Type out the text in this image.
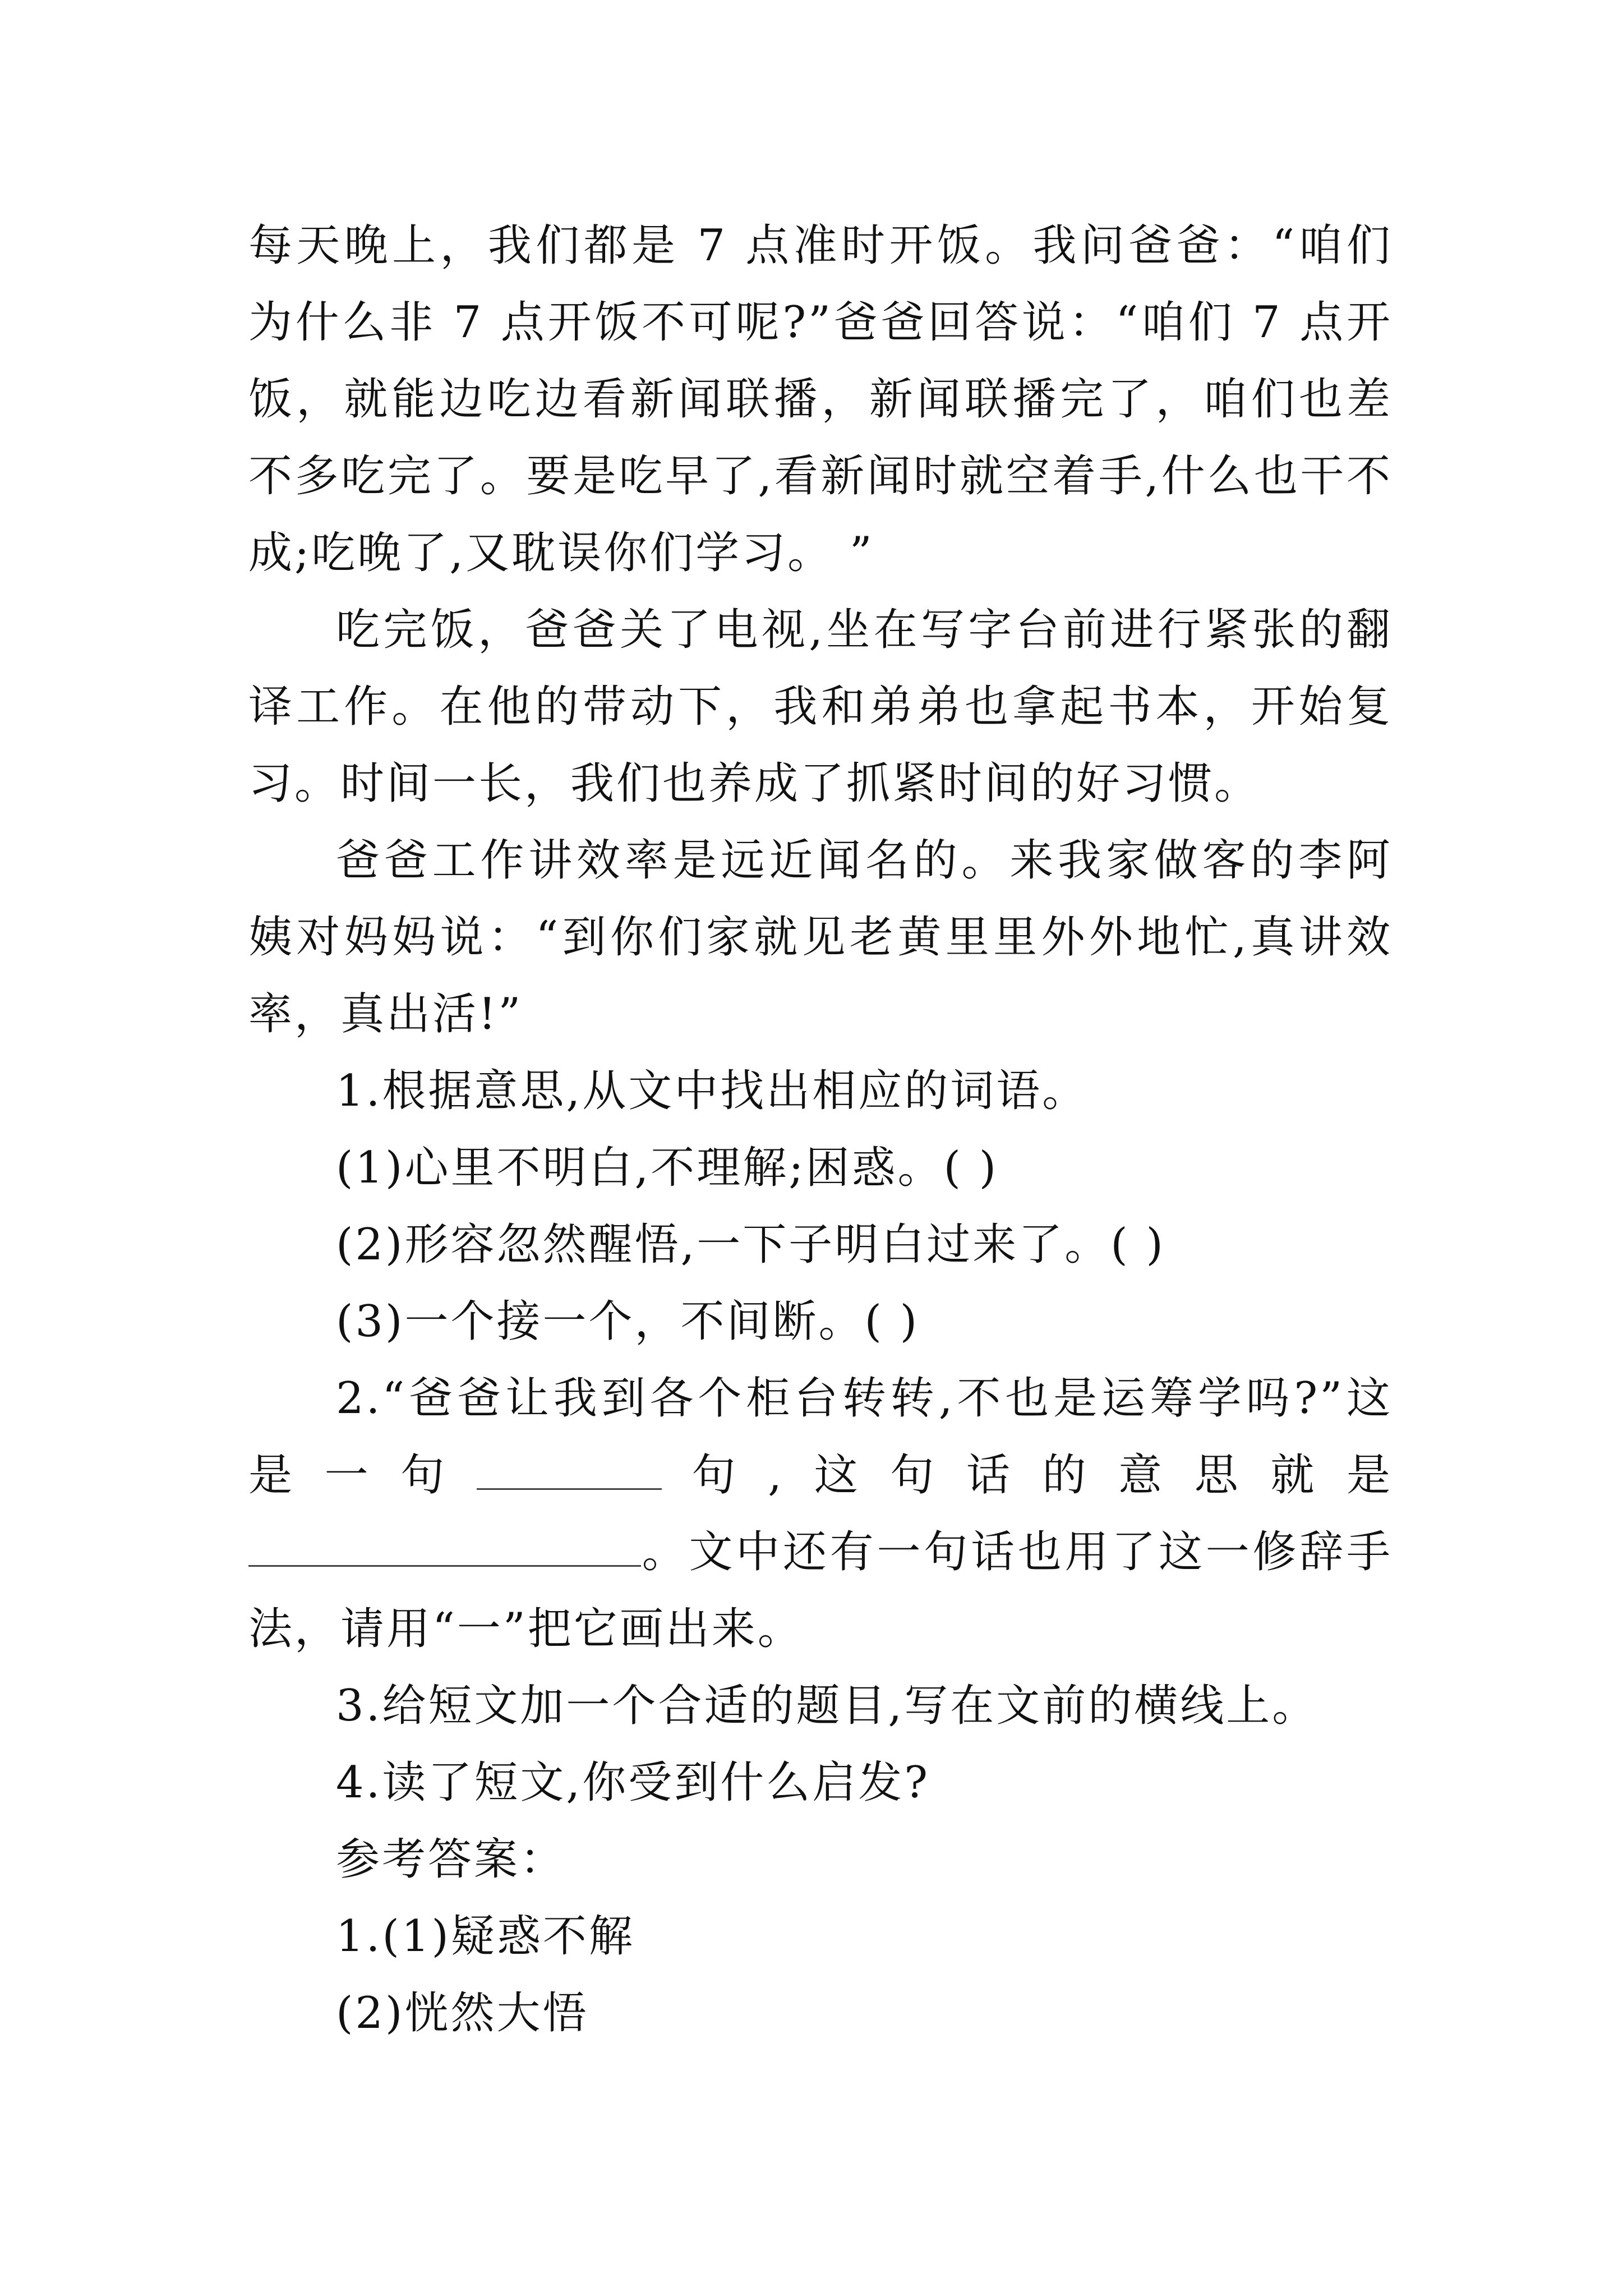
每天晚上，我们都是 7 点准时开饭。我问爸爸：“咱们为什么非 7 点开饭不可呢?”爸爸回答说：“咱们 7 点开饭，就能边吃边看新闻联播，新闻联播完了，咱们也差不多吃完了。要是吃早了,看新闻时就空着手,什么也干不成;吃晚了,又耽误你们学习。 ”

吃完饭，爸爸关了电视,坐在写字台前进行紧张的翻译工作。在他的带动下，我和弟弟也拿起书本，开始复习。时间一长，我们也养成了抓紧时间的好习惯。

爸爸工作讲效率是远近闻名的。来我家做客的李阿姨对妈妈说：“到你们家就见老黄里里外外地忙,真讲效率，真出活!”

1.根据意思,从文中找出相应的词语。

(1)心里不明白,不理解;困惑。( )

(2)形容忽然醒悟,一下子明白过来了。( )

(3)一个接一个，不间断。( )

2.“爸爸让我到各个柜台转转,不也是运筹学吗?”这是一句	句,这句话的意思就是。文中还有一句话也用了这一修辞手法，请用“一”把它画出来。

3.给短文加一个合适的题目,写在文前的横线上。

4.读了短文,你受到什么启发?

参考答案：

1.(1)疑惑不解

(2)恍然大悟
